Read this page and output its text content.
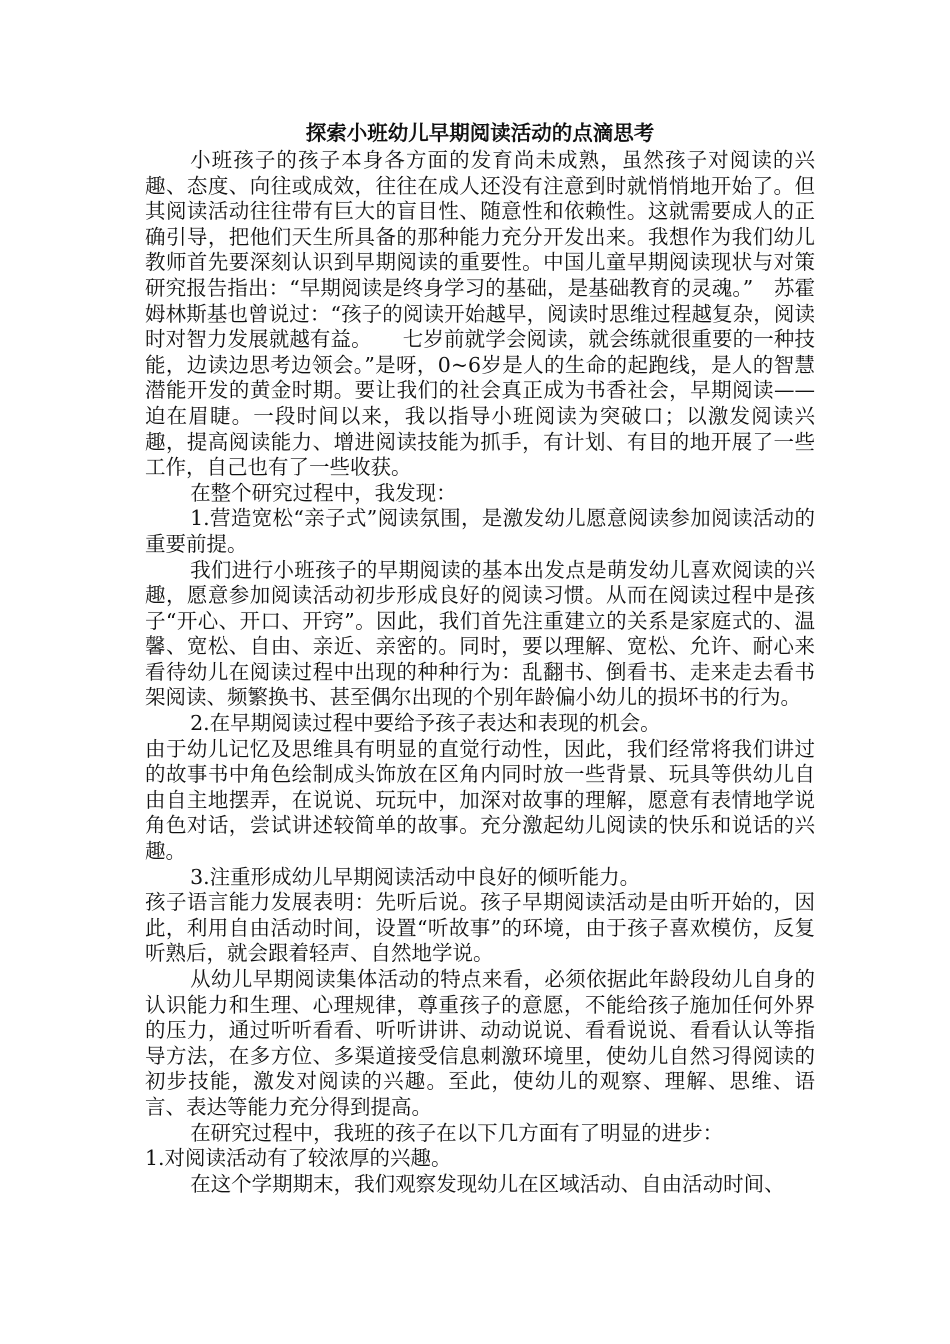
探索小班幼儿早期阅读活动的点滴思考

小班孩子的孩子本身各方面的发育尚未成熟，虽然孩子对阅读的兴趣、态度、向往或成效，往往在成人还没有注意到时就悄悄地开始了。但其阅读活动往往带有巨大的盲目性、随意性和依赖性。这就需要成人的正确引导，把他们天生所具备的那种能力充分开发出来。我想作为我们幼儿教师首先要深刻认识到早期阅读的重要性。中国儿童早期阅读现状与对策研究报告指出：“早期阅读是终身学习的基础，是基础教育的灵魂。”　苏霍姆林斯基也曾说过：“孩子的阅读开始越早，阅读时思维过程越复杂，阅读时对智力发展就越有益。　　七岁前就学会阅读，就会练就很重要的一种技能，边读边思考边领会。”是呀，0~6岁是人的生命的起跑线，是人的智慧潜能开发的黄金时期。要让我们的社会真正成为书香社会，早期阅读——迫在眉睫。一段时间以来，我以指导小班阅读为突破口；以激发阅读兴趣，提高阅读能力、增进阅读技能为抓手，有计划、有目的地开展了一些工作，自己也有了一些收获。

在整个研究过程中，我发现：

1.营造宽松“亲子式”阅读氛围，是激发幼儿愿意阅读参加阅读活动的重要前提。

我们进行小班孩子的早期阅读的基本出发点是萌发幼儿喜欢阅读的兴趣，愿意参加阅读活动初步形成良好的阅读习惯。从而在阅读过程中是孩子“开心、开口、开窍”。因此，我们首先注重建立的关系是家庭式的、温馨、宽松、自由、亲近、亲密的。同时，要以理解、宽松、允许、耐心来看待幼儿在阅读过程中出现的种种行为：乱翻书、倒看书、走来走去看书架阅读、频繁换书、甚至偶尔出现的个别年龄偏小幼儿的损坏书的行为。

2.在早期阅读过程中要给予孩子表达和表现的机会。

由于幼儿记忆及思维具有明显的直觉行动性，因此，我们经常将我们讲过的故事书中角色绘制成头饰放在区角内同时放一些背景、玩具等供幼儿自由自主地摆弄，在说说、玩玩中，加深对故事的理解，愿意有表情地学说角色对话，尝试讲述较简单的故事。充分激起幼儿阅读的快乐和说话的兴趣。

3.注重形成幼儿早期阅读活动中良好的倾听能力。

孩子语言能力发展表明：先听后说。孩子早期阅读活动是由听开始的，因此，利用自由活动时间，设置“听故事”的环境，由于孩子喜欢模仿，反复听熟后，就会跟着轻声、自然地学说。

从幼儿早期阅读集体活动的特点来看，必须依据此年龄段幼儿自身的认识能力和生理、心理规律，尊重孩子的意愿，不能给孩子施加任何外界的压力，通过听听看看、听听讲讲、动动说说、看看说说、看看认认等指导方法，在多方位、多渠道接受信息刺激环境里，使幼儿自然习得阅读的初步技能，激发对阅读的兴趣。至此，使幼儿的观察、理解、思维、语言、表达等能力充分得到提高。

在研究过程中，我班的孩子在以下几方面有了明显的进步：

1.对阅读活动有了较浓厚的兴趣。

在这个学期期末，我们观察发现幼儿在区域活动、自由活动时间、
